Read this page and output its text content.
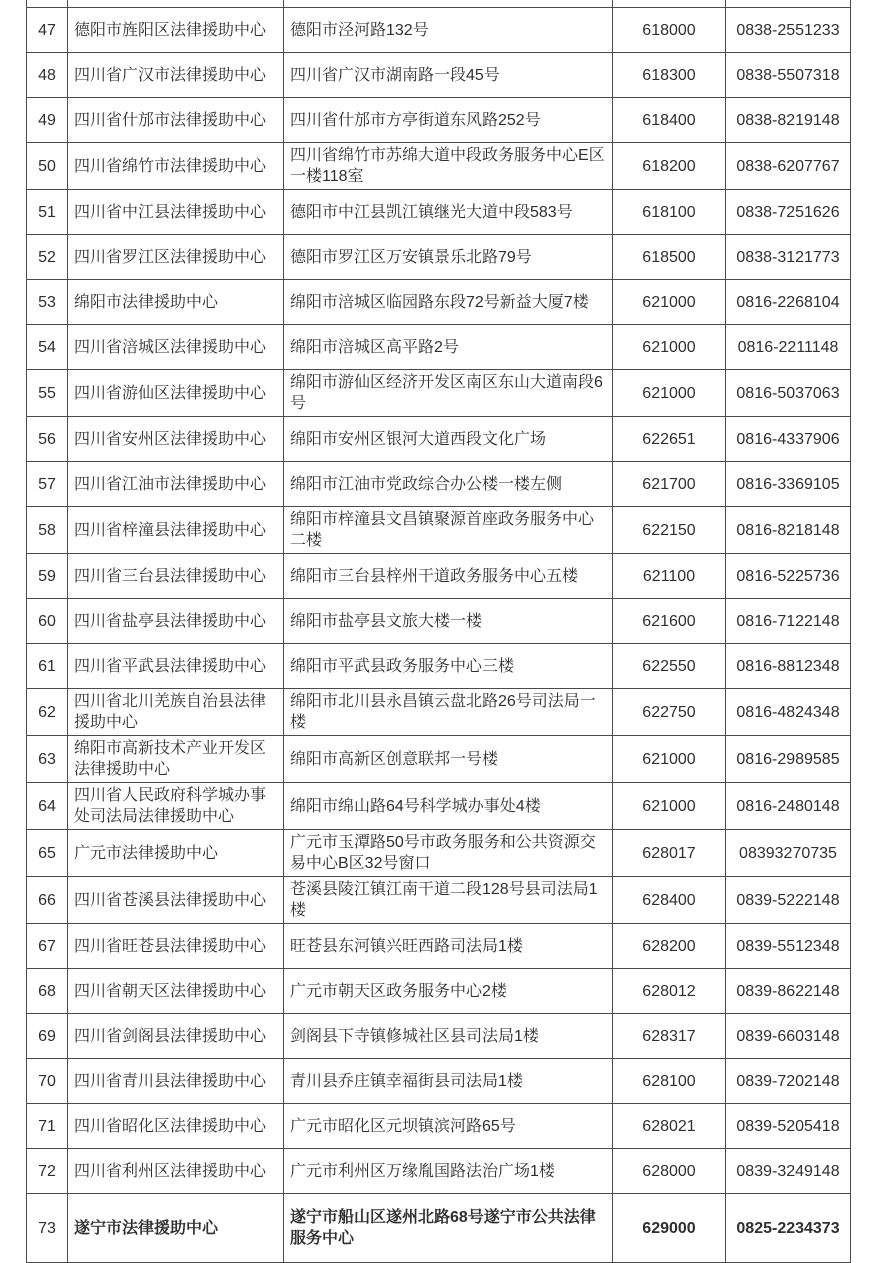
47	德阳市旌阳区法律援助中心	德阳市泾河路132号	618000	0838-2551233
48	四川省广汉市法律援助中心	四川省广汉市湖南路一段45号	618300	0838-5507318
49	四川省什邡市法律援助中心	四川省什邡市方亭街道东风路252号	618400	0838-8219148
50	四川省绵竹市法律援助中心	四川省绵竹市苏绵大道中段政务服务中心E区一楼118室	618200	0838-6207767
51	四川省中江县法律援助中心	德阳市中江县凯江镇继光大道中段583号	618100	0838-7251626
52	四川省罗江区法律援助中心	德阳市罗江区万安镇景乐北路79号	618500	0838-3121773
53	绵阳市法律援助中心	绵阳市涪城区临园路东段72号新益大厦7楼	621000	0816-2268104
54	四川省涪城区法律援助中心	绵阳市涪城区高平路2号	621000	0816-2211148
55	四川省游仙区法律援助中心	绵阳市游仙区经济开发区南区东山大道南段6号	621000	0816-5037063
56	四川省安州区法律援助中心	绵阳市安州区银河大道西段文化广场	622651	0816-4337906
57	四川省江油市法律援助中心	绵阳市江油市党政综合办公楼一楼左侧	621700	0816-3369105
58	四川省梓潼县法律援助中心	绵阳市梓潼县文昌镇聚源首座政务服务中心二楼	622150	0816-8218148
59	四川省三台县法律援助中心	绵阳市三台县梓州干道政务服务中心五楼	621100	0816-5225736
60	四川省盐亭县法律援助中心	绵阳市盐亭县文旅大楼一楼	621600	0816-7122148
61	四川省平武县法律援助中心	绵阳市平武县政务服务中心三楼	622550	0816-8812348
62	四川省北川羌族自治县法律援助中心	绵阳市北川县永昌镇云盘北路26号司法局一楼	622750	0816-4824348
63	绵阳市高新技术产业开发区法律援助中心	绵阳市高新区创意联邦一号楼	621000	0816-2989585
64	四川省人民政府科学城办事处司法局法律援助中心	绵阳市绵山路64号科学城办事处4楼	621000	0816-2480148
65	广元市法律援助中心	广元市玉潭路50号市政务服务和公共资源交易中心B区32号窗口	628017	08393270735
66	四川省苍溪县法律援助中心	苍溪县陵江镇江南干道二段128号县司法局1楼	628400	0839-5222148
67	四川省旺苍县法律援助中心	旺苍县东河镇兴旺西路司法局1楼	628200	0839-5512348
68	四川省朝天区法律援助中心	广元市朝天区政务服务中心2楼	628012	0839-8622148
69	四川省剑阁县法律援助中心	剑阁县下寺镇修城社区县司法局1楼	628317	0839-6603148
70	四川省青川县法律援助中心	青川县乔庄镇幸福街县司法局1楼	628100	0839-7202148
71	四川省昭化区法律援助中心	广元市昭化区元坝镇滨河路65号	628021	0839-5205418
72	四川省利州区法律援助中心	广元市利州区万缘胤国路法治广场1楼	628000	0839-3249148
73	遂宁市法律援助中心	遂宁市船山区遂州北路68号遂宁市公共法律服务中心	629000	0825-2234373
